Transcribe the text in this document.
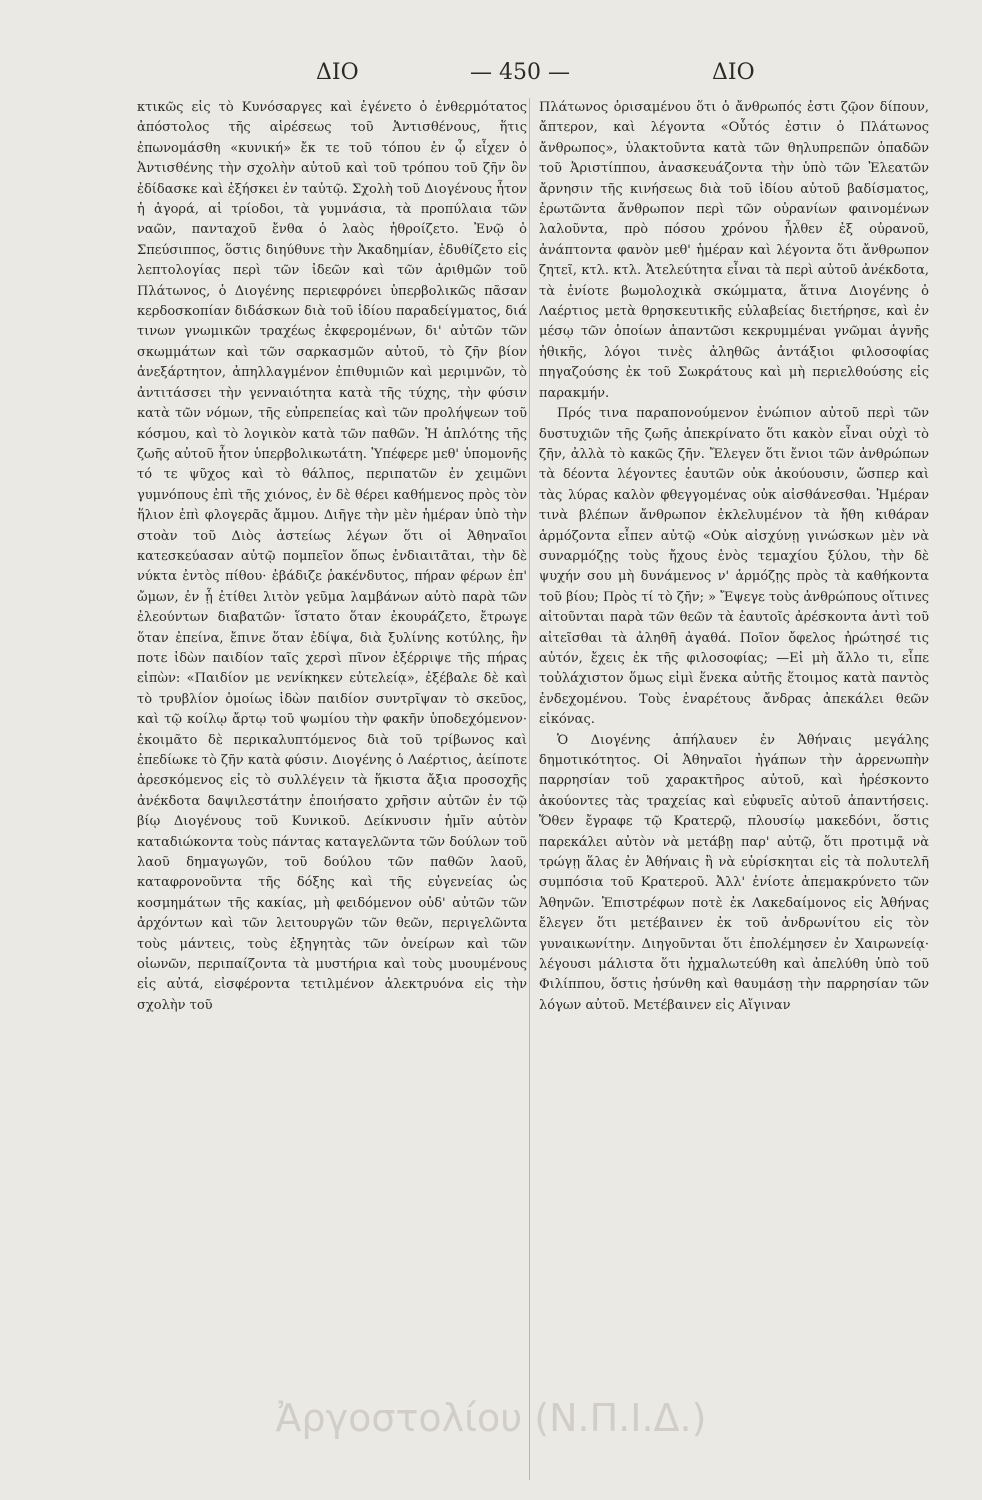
ΔΙΟ	— 450 —	ΔΙΟ

κτικῶς εἰς τὸ Κυνόσαργες καὶ ἐγένετο ὁ ἐνθερμότατος ἀπόστολος τῆς αἱρέσεως τοῦ Ἀντισθένους, ἥτις ἐπωνομάσθη «κυνική» ἔκ τε τοῦ τόπου ἐν ᾧ εἶχεν ὁ Ἀντισθένης τὴν σχολὴν αὐτοῦ καὶ τοῦ τρόπου τοῦ ζῆν ὃν ἐδίδασκε καὶ ἐξήσκει ἐν ταὐτῷ. Σχολὴ τοῦ Διογένους ἦτον ἡ ἀγορά, αἱ τρίοδοι, τὰ γυμνάσια, τὰ προπύλαια τῶν ναῶν, πανταχοῦ ἔνθα ὁ λαὸς ἠθροίζετο. Ἐνῷ ὁ Σπεύσιππος, ὅστις διηύθυνε τὴν Ἀκαδημίαν, ἐδυθίζετο εἰς λεπτολογίας περὶ τῶν ἰδεῶν καὶ τῶν ἀριθμῶν τοῦ Πλάτωνος, ὁ Διογένης περιεφρόνει ὑπερβολικῶς πᾶσαν κερδοσκοπίαν διδάσκων διὰ τοῦ ἰδίου παραδείγματος, διά τινων γνωμικῶν τραχέως ἐκφερομένων, δι' αὐτῶν τῶν σκωμμάτων καὶ τῶν σαρκασμῶν αὐτοῦ, τὸ ζῆν βίον ἀνεξάρτητον, ἀπηλλαγμένον ἐπιθυμιῶν καὶ μεριμνῶν, τὸ ἀντιτάσσει τὴν γενναιότητα κατὰ τῆς τύχης, τὴν φύσιν κατὰ τῶν νόμων, τῆς εὐπρεπείας καὶ τῶν προλήψεων τοῦ κόσμου, καὶ τὸ λογικὸν κατὰ τῶν παθῶν. Ἡ ἁπλότης τῆς ζωῆς αὐτοῦ ἦτον ὑπερβολικωτάτη. Ὑπέφερε μεθ' ὑπομονῆς τό τε ψῦχος καὶ τὸ θάλπος, περιπατῶν ἐν χειμῶνι γυμνόπους ἐπὶ τῆς χιόνος, ἐν δὲ θέρει καθήμενος πρὸς τὸν ἥλιον ἐπὶ φλογερᾶς ἄμμου. Διῆγε τὴν μὲν ἡμέραν ὑπὸ τὴν στοὰν τοῦ Διὸς ἀστείως λέγων ὅτι οἱ Ἀθηναῖοι κατεσκεύασαν αὐτῷ πομπεῖον ὅπως ἐνδιαιτᾶται, τὴν δὲ νύκτα ἐντὸς πίθου· ἐβάδιζε ῥακένδυτος, πήραν φέρων ἐπ' ὤμων, ἐν ᾗ ἐτίθει λιτὸν γεῦμα λαμβάνων αὐτὸ παρὰ τῶν ἐλεούντων διαβατῶν· ἵστατο ὅταν ἐκουράζετο, ἔτρωγε ὅταν ἐπείνα, ἔπινε ὅταν ἐδίψα, διὰ ξυλίνης κοτύλης, ἣν ποτε ἰδὼν παιδίον ταῖς χερσὶ πῖνον ἐξέρριψε τῆς πήρας εἰπὼν: «Παιδίον με νενίκηκεν εὐτελείᾳ», ἐξέβαλε δὲ καὶ τὸ τρυβλίον ὁμοίως ἰδὼν παιδίον συντρῖψαν τὸ σκεῦος, καὶ τῷ κοίλῳ ἄρτῳ τοῦ ψωμίου τὴν φακῆν ὑποδεχόμενον· ἐκοιμᾶτο δὲ περικαλυπτόμενος διὰ τοῦ τρίβωνος καὶ ἐπεδίωκε τὸ ζῆν κατὰ φύσιν. Διογένης ὁ Λαέρτιος, ἀείποτε ἀρεσκόμενος εἰς τὸ συλλέγειν τὰ ἥκιστα ἄξια προσοχῆς ἀνέκδοτα δαψιλεστάτην ἐποιήσατο χρῆσιν αὐτῶν ἐν τῷ βίῳ Διογένους τοῦ Κυνικοῦ. Δείκνυσιν ἡμῖν αὐτὸν καταδιώκοντα τοὺς πάντας καταγελῶντα τῶν δούλων τοῦ λαοῦ δημαγωγῶν, τοῦ δούλου τῶν παθῶν λαοῦ, καταφρονοῦντα τῆς δόξης καὶ τῆς εὐγενείας ὡς κοσμημάτων τῆς κακίας, μὴ φειδόμενον οὐδ' αὐτῶν τῶν ἀρχόντων καὶ τῶν λειτουργῶν τῶν θεῶν, περιγελῶντα τοὺς μάντεις, τοὺς ἐξηγητὰς τῶν ὀνείρων καὶ τῶν οἰωνῶν, περιπαίζοντα τὰ μυστήρια καὶ τοὺς μυουμένους εἰς αὐτά, εἰσφέροντα τετιλμένον ἀλεκτρυόνα εἰς τὴν σχολὴν τοῦ

Πλάτωνος ὁρισαμένου ὅτι ὁ ἄνθρωπός ἐστι ζῷον δίπουν, ἄπτερον, καὶ λέγοντα «Οὗτός ἐστιν ὁ Πλάτωνος ἄνθρωπος», ὑλακτοῦντα κατὰ τῶν θηλυπρεπῶν ὀπαδῶν τοῦ Ἀριστίππου, ἀνασκευάζοντα τὴν ὑπὸ τῶν Ἐλεατῶν ἄρνησιν τῆς κινήσεως διὰ τοῦ ἰδίου αὐτοῦ βαδίσματος, ἐρωτῶντα ἄνθρωπον περὶ τῶν οὐρανίων φαινομένων λαλοῦντα, πρὸ πόσου χρόνου ἦλθεν ἐξ οὐρανοῦ, ἀνάπτοντα φανὸν μεθ' ἡμέραν καὶ λέγοντα ὅτι ἄνθρωπον ζητεῖ, κτλ. κτλ. Ἀτελεύτητα εἶναι τὰ περὶ αὐτοῦ ἀνέκδοτα, τὰ ἐνίοτε βωμολοχικὰ σκώμματα, ἅτινα Διογένης ὁ Λαέρτιος μετὰ θρησκευτικῆς εὐλαβείας διετήρησε, καὶ ἐν μέσῳ τῶν ὁποίων ἀπαντῶσι κεκρυμμέναι γνῶμαι ἁγνῆς ἠθικῆς, λόγοι τινὲς ἀληθῶς ἀντάξιοι φιλοσοφίας πηγαζούσης ἐκ τοῦ Σωκράτους καὶ μὴ περιελθούσης εἰς παρακμήν.

Πρός τινα παραπονούμενον ἐνώπιον αὐτοῦ περὶ τῶν δυστυχιῶν τῆς ζωῆς ἀπεκρίνατο ὅτι κακὸν εἶναι οὐχὶ τὸ ζῆν, ἀλλὰ τὸ κακῶς ζῆν. Ἔλεγεν ὅτι ἔνιοι τῶν ἀνθρώπων τὰ δέοντα λέγοντες ἑαυτῶν οὐκ ἀκούουσιν, ὥσπερ καὶ τὰς λύρας καλὸν φθεγγομένας οὐκ αἰσθάνεσθαι. Ἡμέραν τινὰ βλέπων ἄνθρωπον ἐκλελυμένον τὰ ἤθη κιθάραν ἁρμόζοντα εἶπεν αὐτῷ «Οὐκ αἰσχύνῃ γινώσκων μὲν νὰ συναρμόζῃς τοὺς ἤχους ἑνὸς τεμαχίου ξύλου, τὴν δὲ ψυχήν σου μὴ δυνάμενος ν' ἁρμόζῃς πρὸς τὰ καθήκοντα τοῦ βίου; Πρὸς τί τὸ ζῆν; » Ἔψεγε τοὺς ἀνθρώπους οἵτινες αἰτοῦνται παρὰ τῶν θεῶν τὰ ἑαυτοῖς ἀρέσκοντα ἀντὶ τοῦ αἰτεῖσθαι τὰ ἀληθῆ ἀγαθά. Ποῖον ὄφελος ἠρώτησέ τις αὐτόν, ἔχεις ἐκ τῆς φιλοσοφίας; —Εἰ μὴ ἄλλο τι, εἶπε τοὐλάχιστον ὅμως εἰμὶ ἕνεκα αὐτῆς ἕτοιμος κατὰ παντὸς ἐνδεχομένου. Τοὺς ἐναρέτους ἄνδρας ἀπεκάλει θεῶν εἰκόνας.

Ὁ Διογένης ἀπήλαυεν ἐν Ἀθήναις μεγάλης δημοτικότητος. Οἱ Ἀθηναῖοι ἠγάπων τὴν ἀρρενωπὴν παρρησίαν τοῦ χαρακτῆρος αὐτοῦ, καὶ ἠρέσκοντο ἀκούοντες τὰς τραχείας καὶ εὐφυεῖς αὐτοῦ ἀπαντήσεις. Ὅθεν ἔγραφε τῷ Κρατερῷ, πλουσίῳ μακεδόνι, ὅστις παρεκάλει αὐτὸν νὰ μετάβῃ παρ' αὐτῷ, ὅτι προτιμᾷ νὰ τρώγῃ ἅλας ἐν Ἀθήναις ἢ νὰ εὑρίσκηται εἰς τὰ πολυτελῆ συμπόσια τοῦ Κρατεροῦ. Ἀλλ' ἐνίοτε ἀπεμακρύνετο τῶν Ἀθηνῶν. Ἐπιστρέφων ποτὲ ἐκ Λακεδαίμονος εἰς Ἀθήνας ἔλεγεν ὅτι μετέβαινεν ἐκ τοῦ ἀνδρωνίτου εἰς τὸν γυναικωνίτην. Διηγοῦνται ὅτι ἐπολέμησεν ἐν Χαιρωνείᾳ· λέγουσι μάλιστα ὅτι ἠχμαλωτεύθη καὶ ἀπελύθη ὑπὸ τοῦ Φιλίππου, ὅστις ἠσύνθη καὶ θαυμάσῃ τὴν παρρησίαν τῶν λόγων αὐτοῦ. Μετέβαινεν εἰς Αἴγιναν

Ἀργοστολίου (Ν.Π.Ι.Δ.)
